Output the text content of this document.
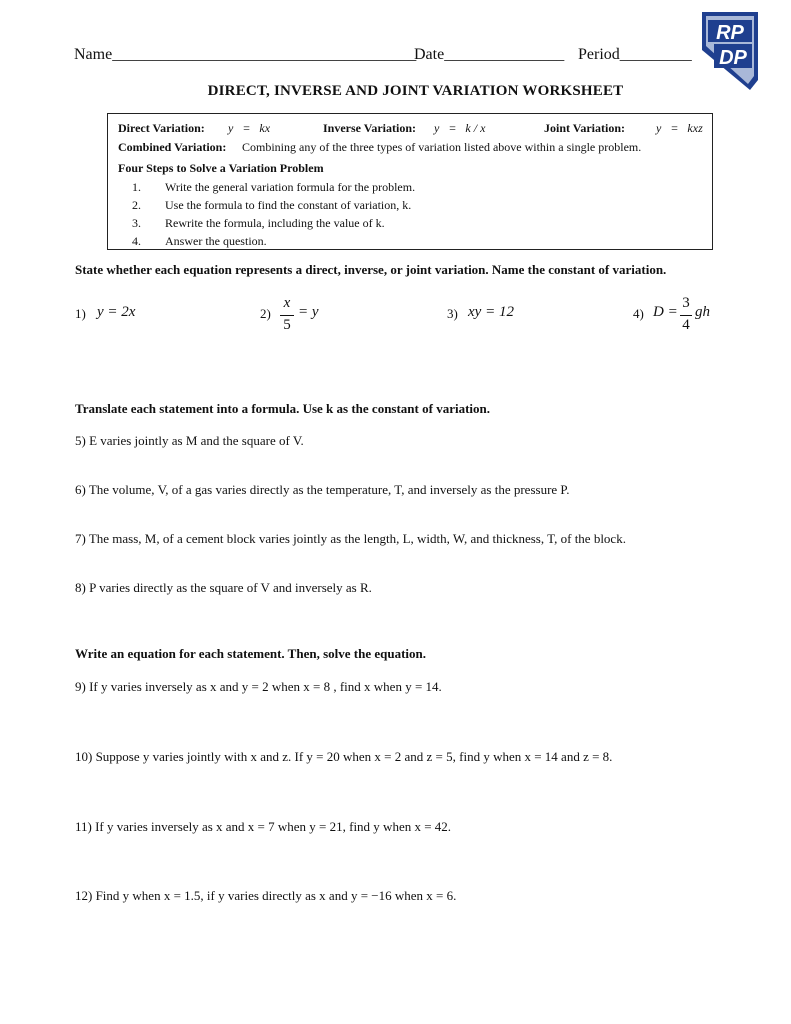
Name______________________________________
Date_______________ Period_________
RP
DP
DIRECT, INVERSE AND JOINT VARIATION WORKSHEET
Direct Variation: y   =   kx	Inverse Variation: y   =   k / x	Joint Variation:	y   =   kxz
Combined Variation: Combining any of the three types of variation listed above within a single problem.
Four Steps to Solve a Variation Problem
1. Write the general variation formula for the problem.
2. Use the formula to find the constant of variation, k.
3. Rewrite the formula, including the value of k.
4. Answer the question.
State whether each equation represents a direct, inverse, or joint variation. Name the constant of variation.
1) y = 2x	2)
x
5
= y	3) xy = 12	4) D =
3
4
gh
Translate each statement into a formula. Use k as the constant of variation.
5) E varies jointly as M and the square of V.
6) The volume, V, of a gas varies directly as the temperature, T, and inversely as the pressure P.
7) The mass, M, of a cement block varies jointly as the length, L, width, W, and thickness, T, of the block.
8) P varies directly as the square of V and inversely as R.
Write an equation for each statement. Then, solve the equation.
9) If y varies inversely as x and y = 2 when x = 8 , find x when y = 14.
10) Suppose y varies jointly with x and z. If y = 20 when x = 2 and z = 5, find y when x = 14 and z = 8.
11) If y varies inversely as x and x = 7 when y = 21, find y when x = 42.
12) Find y when x = 1.5, if y varies directly as x and y = −16 when x = 6.
